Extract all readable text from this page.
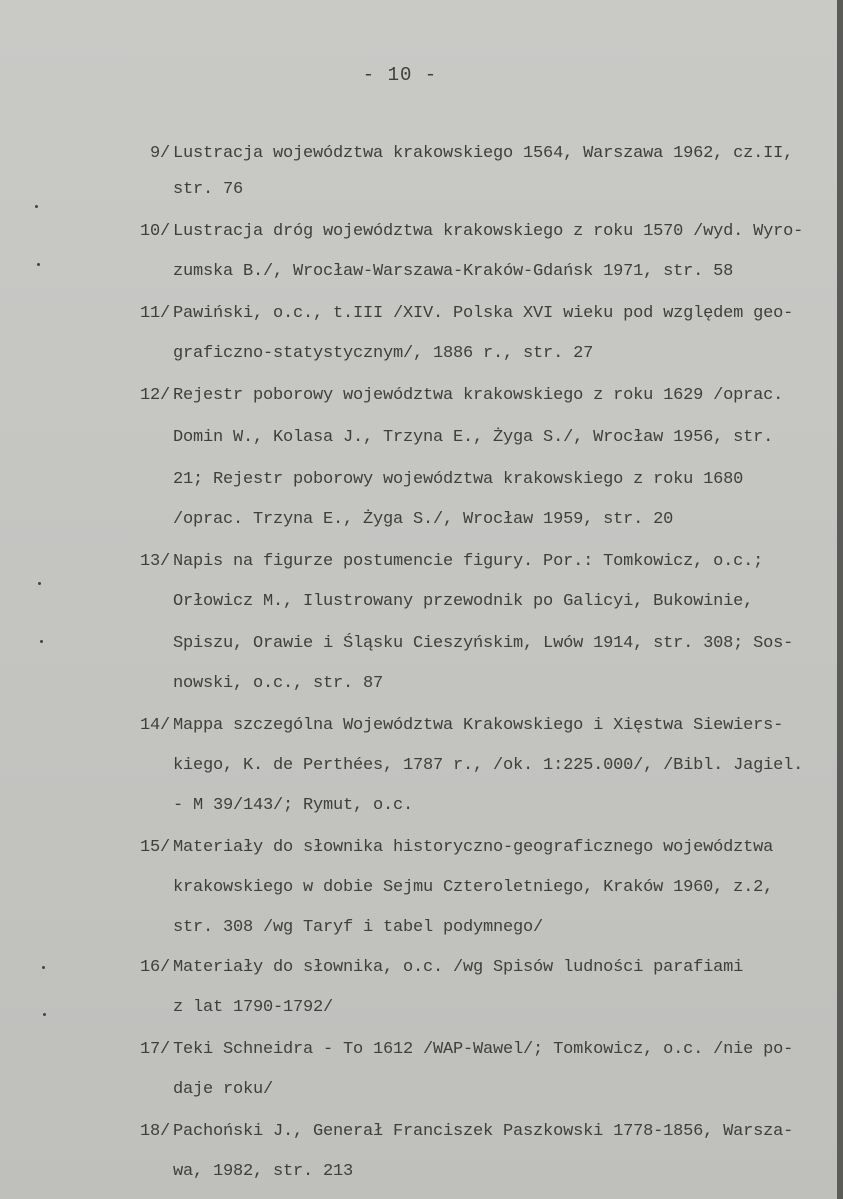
- 10 -
9/ Lustracja województwa krakowskiego 1564, Warszawa 1962, cz.II,
str. 76
10/ Lustracja dróg województwa krakowskiego z roku 1570 /wyd. Wyro-
zumska B./, Wrocław-Warszawa-Kraków-Gdańsk 1971, str. 58
11/ Pawiński, o.c., t.III /XIV. Polska XVI wieku pod względem geo-
graficzno-statystycznym/, 1886 r., str. 27
12/ Rejestr poborowy województwa krakowskiego z roku 1629 /oprac.
Domin W., Kolasa J., Trzyna E., Żyga S./, Wrocław 1956, str.
21; Rejestr poborowy województwa krakowskiego z roku 1680
/oprac. Trzyna E., Żyga S./, Wrocław 1959, str. 20
13/ Napis na figurze postumencie figury. Por.: Tomkowicz, o.c.;
Orłowicz M., Ilustrowany przewodnik po Galicyi, Bukowinie,
Spiszu, Orawie i Śląsku Cieszyńskim, Lwów 1914, str. 308; Sos-
nowski, o.c., str. 87
14/ Mappa szczególna Województwa Krakowskiego i Xięstwa Siewiers-
kiego, K. de Perthées, 1787 r., /ok. 1:225.000/, /Bibl. Jagiel.
- M 39/143/; Rymut, o.c.
15/ Materiały do słownika historyczno-geograficznego województwa
krakowskiego w dobie Sejmu Czteroletniego, Kraków 1960, z.2,
str. 308 /wg Taryf i tabel podymnego/
16/ Materiały do słownika, o.c. /wg Spisów ludności parafiami
z lat 1790-1792/
17/ Teki Schneidra - To 1612 /WAP-Wawel/; Tomkowicz, o.c. /nie po-
daje roku/
18/ Pachoński J., Generał Franciszek Paszkowski 1778-1856, Warsza-
wa, 1982, str. 213
